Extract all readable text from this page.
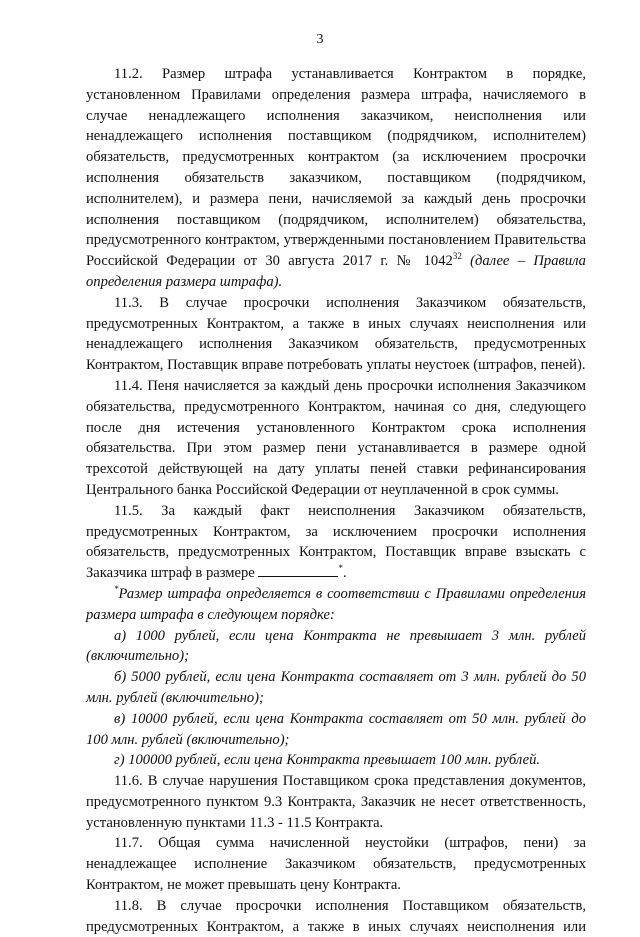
3

11.2. Размер штрафа устанавливается Контрактом в порядке, установленном Правилами определения размера штрафа, начисляемого в случае ненадлежащего исполнения заказчиком, неисполнения или ненадлежащего исполнения поставщиком (подрядчиком, исполнителем) обязательств, предусмотренных контрактом (за исключением просрочки исполнения обязательств заказчиком, поставщиком (подрядчиком, исполнителем), и размера пени, начисляемой за каждый день просрочки исполнения поставщиком (подрядчиком, исполнителем) обязательства, предусмотренного контрактом, утвержденными постановлением Правительства Российской Федерации от 30 августа 2017 г. № 1042$^{32}$ (далее – Правила определения размера штрафа).

11.3. В случае просрочки исполнения Заказчиком обязательств, предусмотренных Контрактом, а также в иных случаях неисполнения или ненадлежащего исполнения Заказчиком обязательств, предусмотренных Контрактом, Поставщик вправе потребовать уплаты неустоек (штрафов, пеней).

11.4. Пеня начисляется за каждый день просрочки исполнения Заказчиком обязательства, предусмотренного Контрактом, начиная со дня, следующего после дня истечения установленного Контрактом срока исполнения обязательства. При этом размер пени устанавливается в размере одной трехсотой действующей на дату уплаты пеней ставки рефинансирования Центрального банка Российской Федерации от неуплаченной в срок суммы.

11.5. За каждый факт неисполнения Заказчиком обязательств, предусмотренных Контрактом, за исключением просрочки исполнения обязательств, предусмотренных Контрактом, Поставщик вправе взыскать с Заказчика штраф в размере	*.

*Размер штрафа определяется в соответствии с Правилами определения размера штрафа в следующем порядке:

а) 1000 рублей, если цена Контракта не превышает 3 млн. рублей (включительно);

б) 5000 рублей, если цена Контракта составляет от 3 млн. рублей до 50 млн. рублей (включительно);

в) 10000 рублей, если цена Контракта составляет от 50 млн. рублей до 100 млн. рублей (включительно);

г) 100000 рублей, если цена Контракта превышает 100 млн. рублей.

11.6. В случае нарушения Поставщиком срока представления документов, предусмотренного пунктом 9.3 Контракта, Заказчик не несет ответственность, установленную пунктами 11.3 - 11.5 Контракта.

11.7. Общая сумма начисленной неустойки (штрафов, пени) за ненадлежащее исполнение Заказчиком обязательств, предусмотренных Контрактом, не может превышать цену Контракта.

11.8. В случае просрочки исполнения Поставщиком обязательств, предусмотренных Контрактом, а также в иных случаях неисполнения или
